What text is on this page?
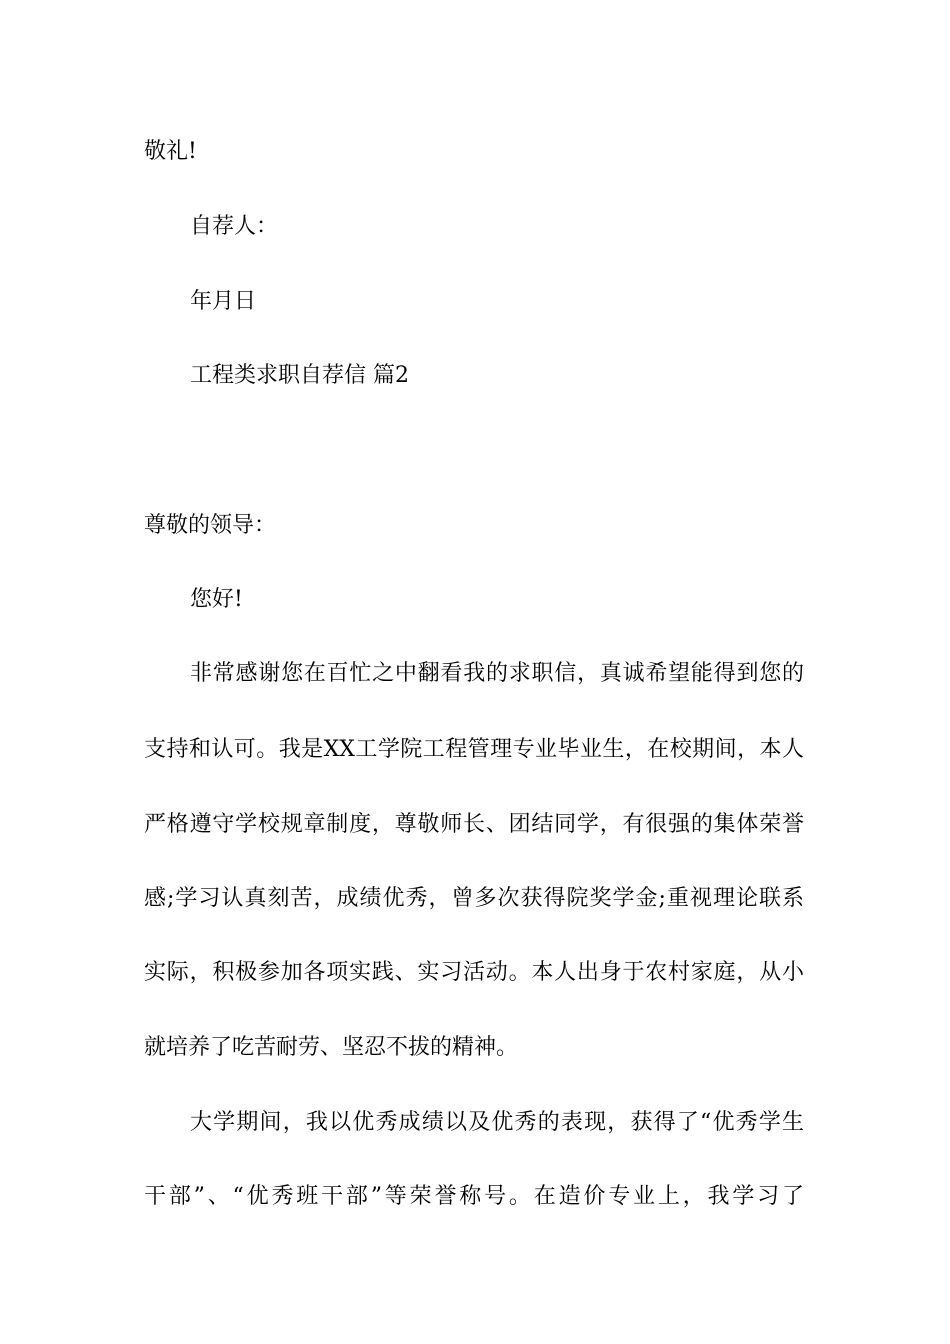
敬礼!

自荐人：

年月日

工程类求职自荐信 篇2

尊敬的领导：

您好!

非常感谢您在百忙之中翻看我的求职信，真诚希望能得到您的

支持和认可。我是XX工学院工程管理专业毕业生，在校期间，本人

严格遵守学校规章制度，尊敬师长、团结同学，有很强的集体荣誉

感;学习认真刻苦，成绩优秀，曾多次获得院奖学金;重视理论联系

实际，积极参加各项实践、实习活动。本人出身于农村家庭，从小

就培养了吃苦耐劳、坚忍不拔的精神。

大学期间，我以优秀成绩以及优秀的表现，获得了“优秀学生

干部”、“优秀班干部”等荣誉称号。在造价专业上，我学习了
